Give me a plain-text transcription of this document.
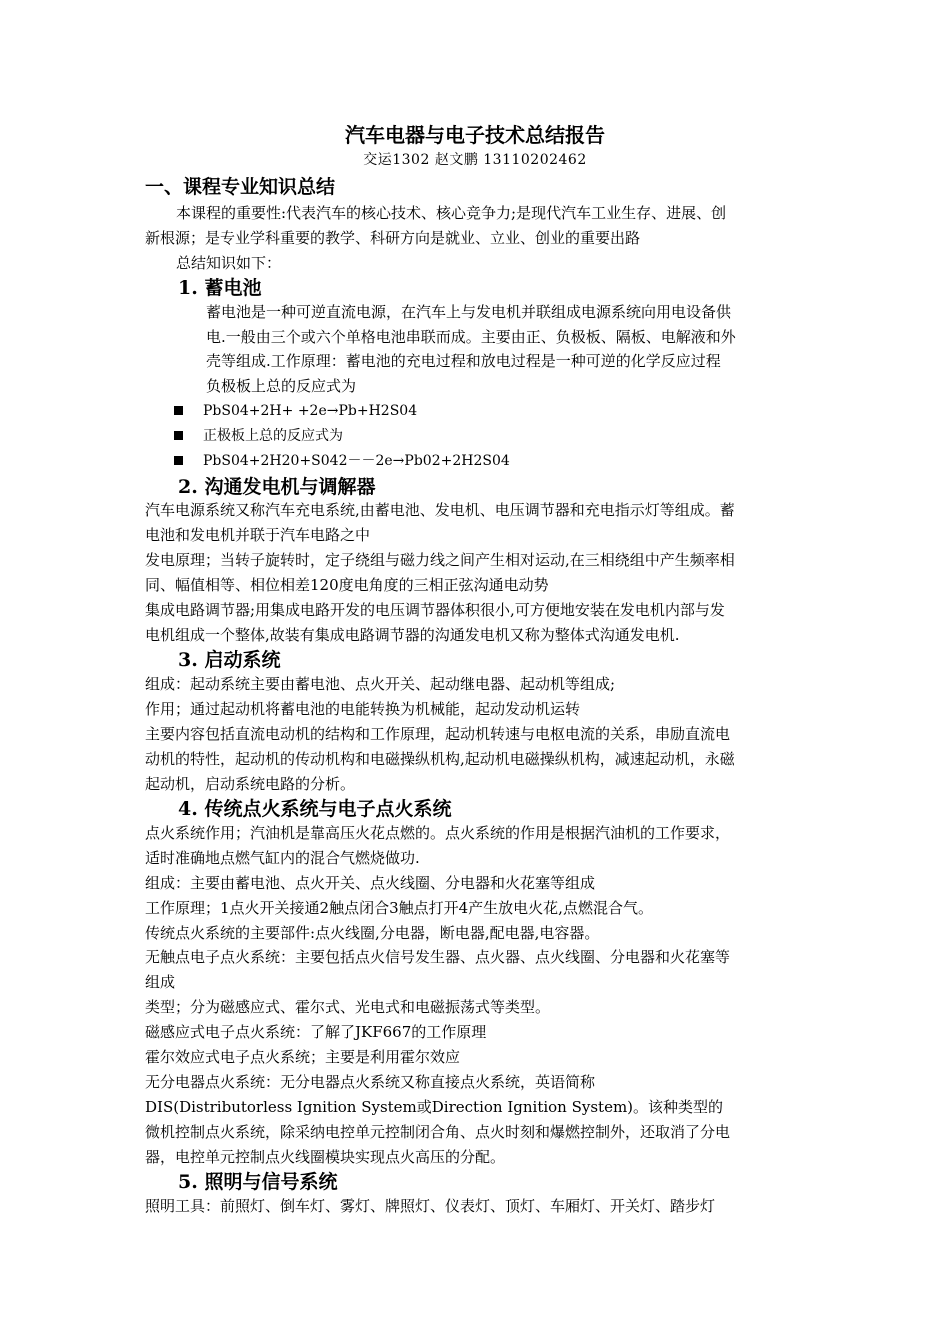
汽车电器与电子技术总结报告
交运1302 赵文鹏 13110202462
一、课程专业知识总结
本课程的重要性:代表汽车的核心技术、核心竞争力;是现代汽车工业生存、进展、创
新根源；是专业学科重要的教学、科研方向是就业、立业、创业的重要出路
总结知识如下：
1. 蓄电池
蓄电池是一种可逆直流电源，在汽车上与发电机并联组成电源系统向用电设备供
电.一般由三个或六个单格电池串联而成。主要由正、负极板、隔板、电解液和外
壳等组成.工作原理：蓄电池的充电过程和放电过程是一种可逆的化学反应过程
负极板上总的反应式为
PbS04+2H+ +2e→Pb+H2S04
正极板上总的反应式为
PbS04+2H20+S042－－2e→Pb02+2H2S04
2. 沟通发电机与调解器
汽车电源系统又称汽车充电系统,由蓄电池、发电机、电压调节器和充电指示灯等组成。蓄
电池和发电机并联于汽车电路之中
发电原理；当转子旋转时，定子绕组与磁力线之间产生相对运动,在三相绕组中产生频率相
同、幅值相等、相位相差120度电角度的三相正弦沟通电动势
集成电路调节器;用集成电路开发的电压调节器体积很小,可方便地安装在发电机内部与发
电机组成一个整体,故装有集成电路调节器的沟通发电机又称为整体式沟通发电机.
3. 启动系统
组成：起动系统主要由蓄电池、点火开关、起动继电器、起动机等组成;
作用；通过起动机将蓄电池的电能转换为机械能，起动发动机运转
主要内容包括直流电动机的结构和工作原理，起动机转速与电枢电流的关系，串励直流电
动机的特性，起动机的传动机构和电磁操纵机构,起动机电磁操纵机构，减速起动机，永磁
起动机，启动系统电路的分析。
4. 传统点火系统与电子点火系统
点火系统作用；汽油机是靠高压火花点燃的。点火系统的作用是根据汽油机的工作要求，
适时准确地点燃气缸内的混合气燃烧做功.
组成：主要由蓄电池、点火开关、点火线圈、分电器和火花塞等组成
工作原理；1点火开关接通2触点闭合3触点打开4产生放电火花,点燃混合气。
传统点火系统的主要部件:点火线圈,分电器，断电器,配电器,电容器。
无触点电子点火系统：主要包括点火信号发生器、点火器、点火线圈、分电器和火花塞等
组成
类型；分为磁感应式、霍尔式、光电式和电磁振荡式等类型。
磁感应式电子点火系统：了解了JKF667的工作原理
霍尔效应式电子点火系统；主要是利用霍尔效应
无分电器点火系统：无分电器点火系统又称直接点火系统，英语简称
DIS(Distributorless Ignition System或Direction Ignition System)。该种类型的
微机控制点火系统，除采纳电控单元控制闭合角、点火时刻和爆燃控制外，还取消了分电
器，电控单元控制点火线圈模块实现点火高压的分配。
5. 照明与信号系统
照明工具：前照灯、倒车灯、雾灯、牌照灯、仪表灯、顶灯、车厢灯、开关灯、踏步灯
